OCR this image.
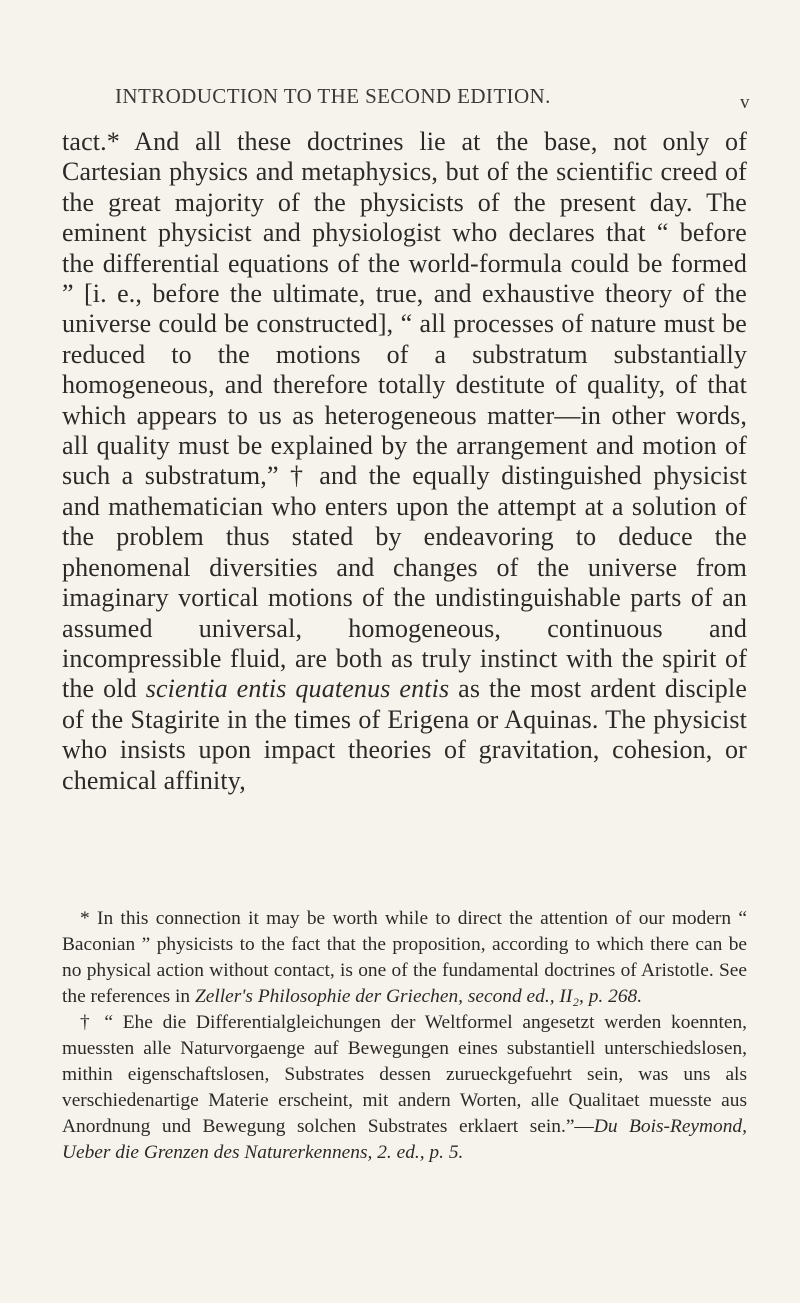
INTRODUCTION TO THE SECOND EDITION.	v

tact.* And all these doctrines lie at the base, not only of Cartesian physics and metaphysics, but of the scientific creed of the great majority of the physicists of the present day. The eminent physicist and physiologist who declares that “ before the differential equations of the world-formula could be formed ” [i. e., before the ultimate, true, and exhaustive theory of the universe could be constructed], “ all processes of nature must be reduced to the motions of a substratum substantially homogeneous, and therefore totally destitute of quality, of that which appears to us as heterogeneous matter—in other words, all quality must be explained by the arrangement and motion of such a substratum,” † and the equally distinguished physicist and mathematician who enters upon the attempt at a solution of the problem thus stated by endeavoring to deduce the phenomenal diversities and changes of the universe from imaginary vortical motions of the undistinguishable parts of an assumed universal, homogeneous, continuous and incompressible fluid, are both as truly instinct with the spirit of the old scientia entis quatenus entis as the most ardent disciple of the Stagirite in the times of Erigena or Aquinas. The physicist who insists upon impact theories of gravitation, cohesion, or chemical affinity,

* In this connection it may be worth while to direct the attention of our modern “ Baconian ” physicists to the fact that the proposition, according to which there can be no physical action without contact, is one of the fundamental doctrines of Aristotle. See the references in Zeller's Philosophie der Griechen, second ed., II₂, p. 268.

† “ Ehe die Differentialgleichungen der Weltformel angesetzt werden koennten, muessten alle Naturvorgaenge auf Bewegungen eines substantiell unterschiedslosen, mithin eigenschaftslosen, Substrates dessen zurueckgefuehrt sein, was uns als verschiedenartige Materie erscheint, mit andern Worten, alle Qualitaet muesste aus Anordnung und Bewegung solchen Substrates erklaert sein.”—Du Bois-Reymond, Ueber die Grenzen des Naturerkennens, 2. ed., p. 5.
